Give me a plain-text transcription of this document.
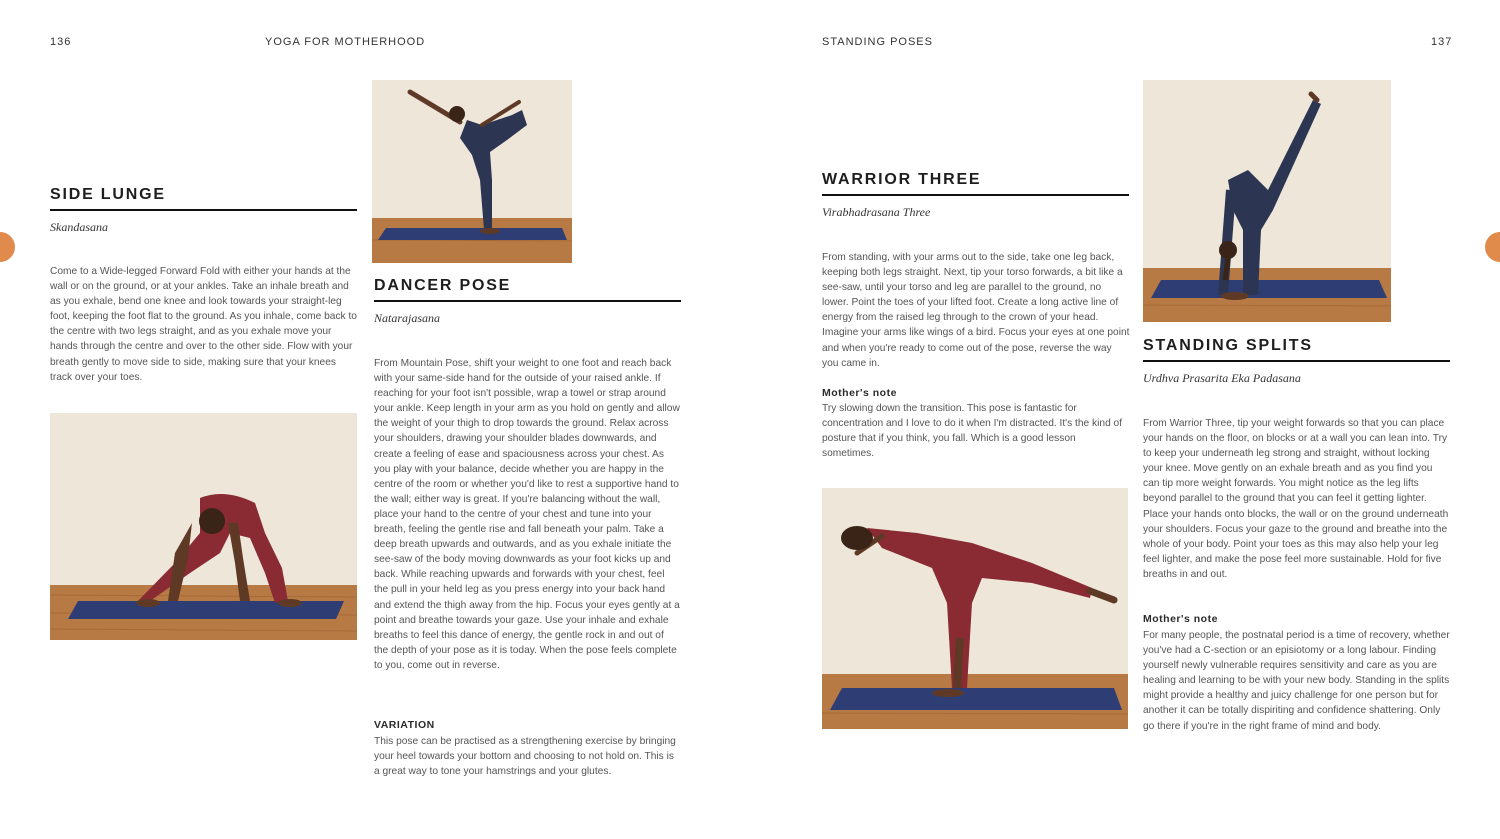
136	YOGA FOR MOTHERHOOD
SIDE LUNGE
Skandasana
Come to a Wide-legged Forward Fold with either your hands at the wall or on the ground, or at your ankles. Take an inhale breath and as you exhale, bend one knee and look towards your straight-leg foot, keeping the foot flat to the ground. As you inhale, come back to the centre with two legs straight, and as you exhale move your hands through the centre and over to the other side. Flow with your breath gently to move side to side, making sure that your knees track over your toes.
DANCER POSE
Natarajasana
From Mountain Pose, shift your weight to one foot and reach back with your same-side hand for the outside of your raised ankle. If reaching for your foot isn't possible, wrap a towel or strap around your ankle. Keep length in your arm as you hold on gently and allow the weight of your thigh to drop towards the ground. Relax across your shoulders, drawing your shoulder blades downwards, and create a feeling of ease and spaciousness across your chest. As you play with your balance, decide whether you are happy in the centre of the room or whether you'd like to rest a supportive hand to the wall; either way is great. If you're balancing without the wall, place your hand to the centre of your chest and tune into your breath, feeling the gentle rise and fall beneath your palm. Take a deep breath upwards and outwards, and as you exhale initiate the see-saw of the body moving downwards as your foot kicks up and back. While reaching upwards and forwards with your chest, feel the pull in your held leg as you press energy into your back hand and extend the thigh away from the hip. Focus your eyes gently at a point and breathe towards your gaze. Use your inhale and exhale breaths to feel this dance of energy, the gentle rock in and out of the depth of your pose as it is today. When the pose feels complete to you, come out in reverse.
VARIATION
This pose can be practised as a strengthening exercise by bringing your heel towards your bottom and choosing to not hold on. This is a great way to tone your hamstrings and your glutes.
STANDING POSES	137
WARRIOR THREE
Virabhadrasana Three
From standing, with your arms out to the side, take one leg back, keeping both legs straight. Next, tip your torso forwards, a bit like a see-saw, until your torso and leg are parallel to the ground, no lower. Point the toes of your lifted foot. Create a long active line of energy from the raised leg through to the crown of your head. Imagine your arms like wings of a bird. Focus your eyes at one point and when you're ready to come out of the pose, reverse the way you came in.
Mother's note
Try slowing down the transition. This pose is fantastic for concentration and I love to do it when I'm distracted. It's the kind of posture that if you think, you fall. Which is a good lesson sometimes.
STANDING SPLITS
Urdhva Prasarita Eka Padasana
From Warrior Three, tip your weight forwards so that you can place your hands on the floor, on blocks or at a wall you can lean into. Try to keep your underneath leg strong and straight, without locking your knee. Move gently on an exhale breath and as you find you can tip more weight forwards. You might notice as the leg lifts beyond parallel to the ground that you can feel it getting lighter. Place your hands onto blocks, the wall or on the ground underneath your shoulders. Focus your gaze to the ground and breathe into the whole of your body. Point your toes as this may also help your leg feel lighter, and make the pose feel more sustainable. Hold for five breaths in and out.
Mother's note
For many people, the postnatal period is a time of recovery, whether you've had a C-section or an episiotomy or a long labour. Finding yourself newly vulnerable requires sensitivity and care as you are healing and learning to be with your new body. Standing in the splits might provide a healthy and juicy challenge for one person but for another it can be totally dispiriting and confidence shattering. Only go there if you're in the right frame of mind and body.
